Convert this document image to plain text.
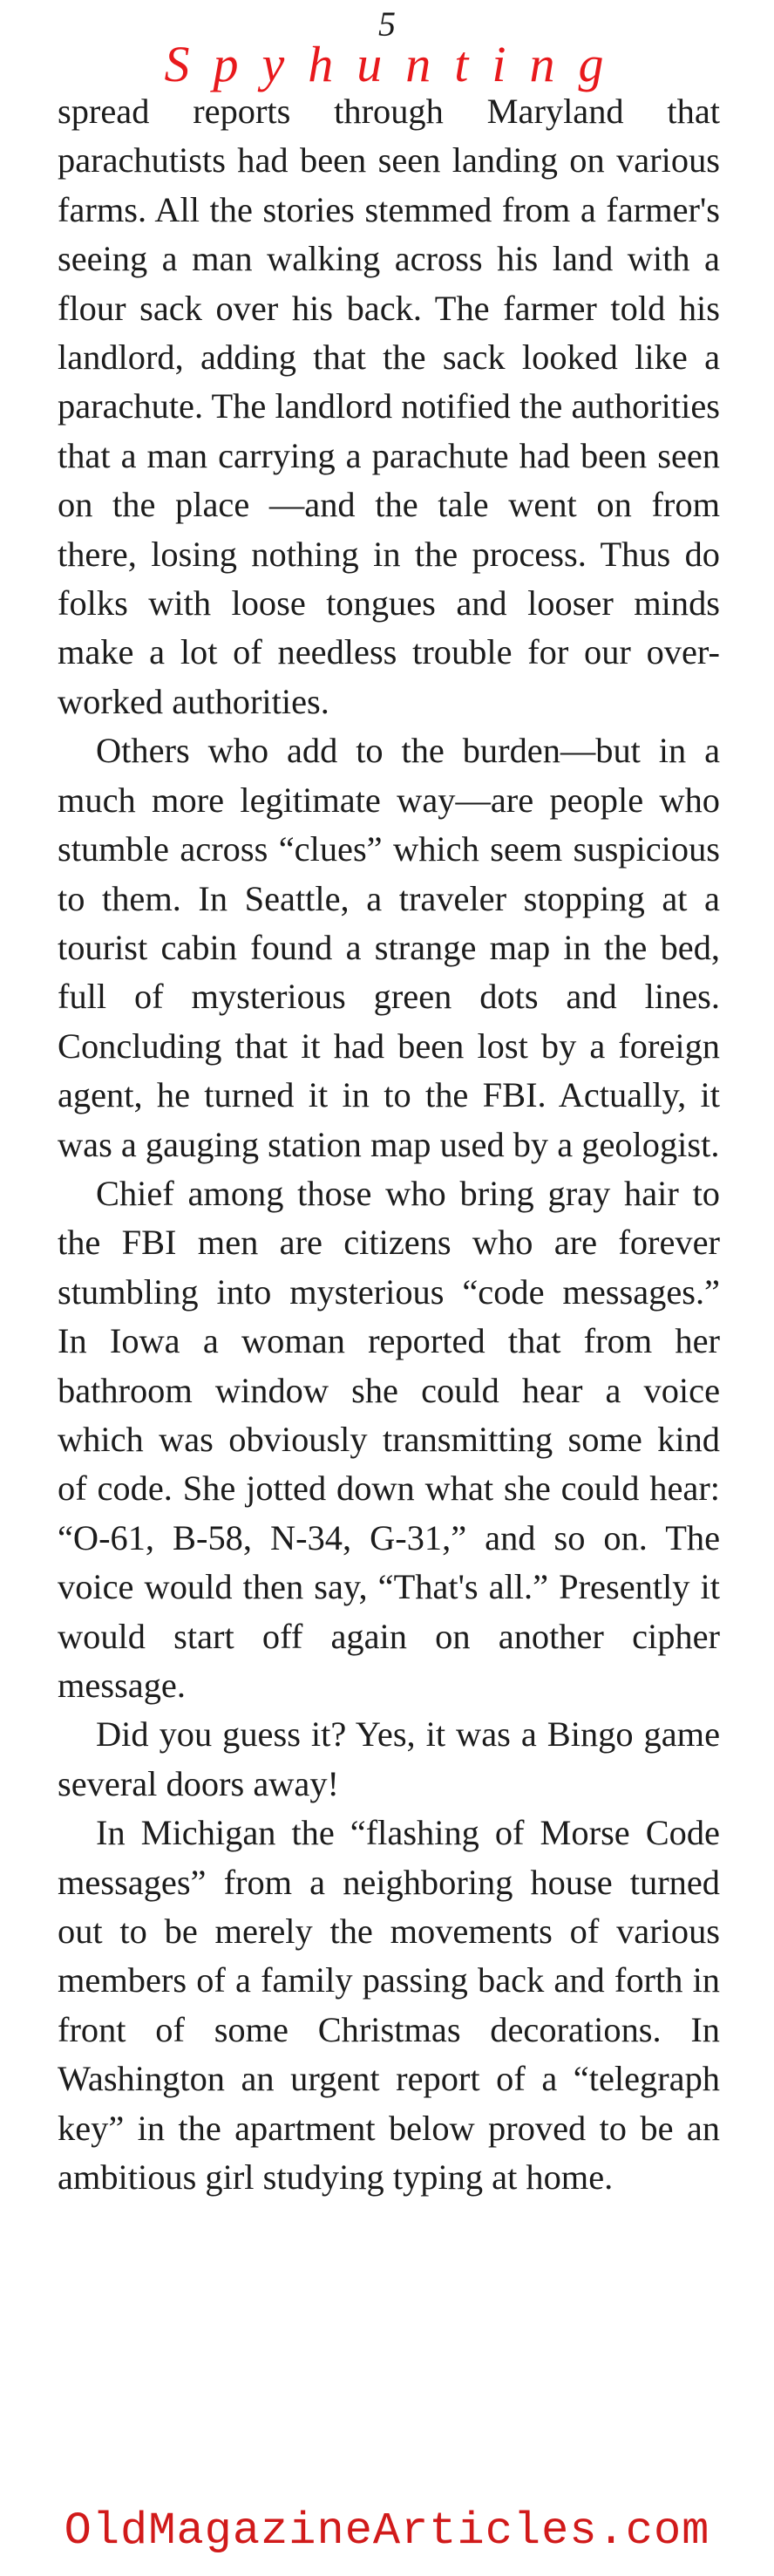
5
Spyhunting

spread reports through Maryland that parachutists had been seen landing on various farms. All the stories stemmed from a farmer's seeing a man walking across his land with a flour sack over his back. The farmer told his landlord, adding that the sack looked like a parachute. The landlord notified the authorities that a man carrying a parachute had been seen on the place —and the tale went on from there, losing nothing in the process. Thus do folks with loose tongues and looser minds make a lot of needless trouble for our over-worked authorities.

Others who add to the burden—but in a much more legitimate way—are people who stumble across “clues” which seem suspicious to them. In Seattle, a traveler stopping at a tourist cabin found a strange map in the bed, full of mysterious green dots and lines. Concluding that it had been lost by a foreign agent, he turned it in to the FBI. Actually, it was a gauging station map used by a geologist.

Chief among those who bring gray hair to the FBI men are citizens who are forever stumbling into mysterious “code messages.” In Iowa a woman reported that from her bathroom window she could hear a voice which was obviously transmitting some kind of code. She jotted down what she could hear: “O-61, B-58, N-34, G-31,” and so on. The voice would then say, “That's all.” Presently it would start off again on another cipher message.

Did you guess it? Yes, it was a Bingo game several doors away!

In Michigan the “flashing of Morse Code messages” from a neighboring house turned out to be merely the movements of various members of a family passing back and forth in front of some Christmas decorations. In Washington an urgent report of a “telegraph key” in the apartment below proved to be an ambitious girl studying typing at home.

OldMagazineArticles.com
